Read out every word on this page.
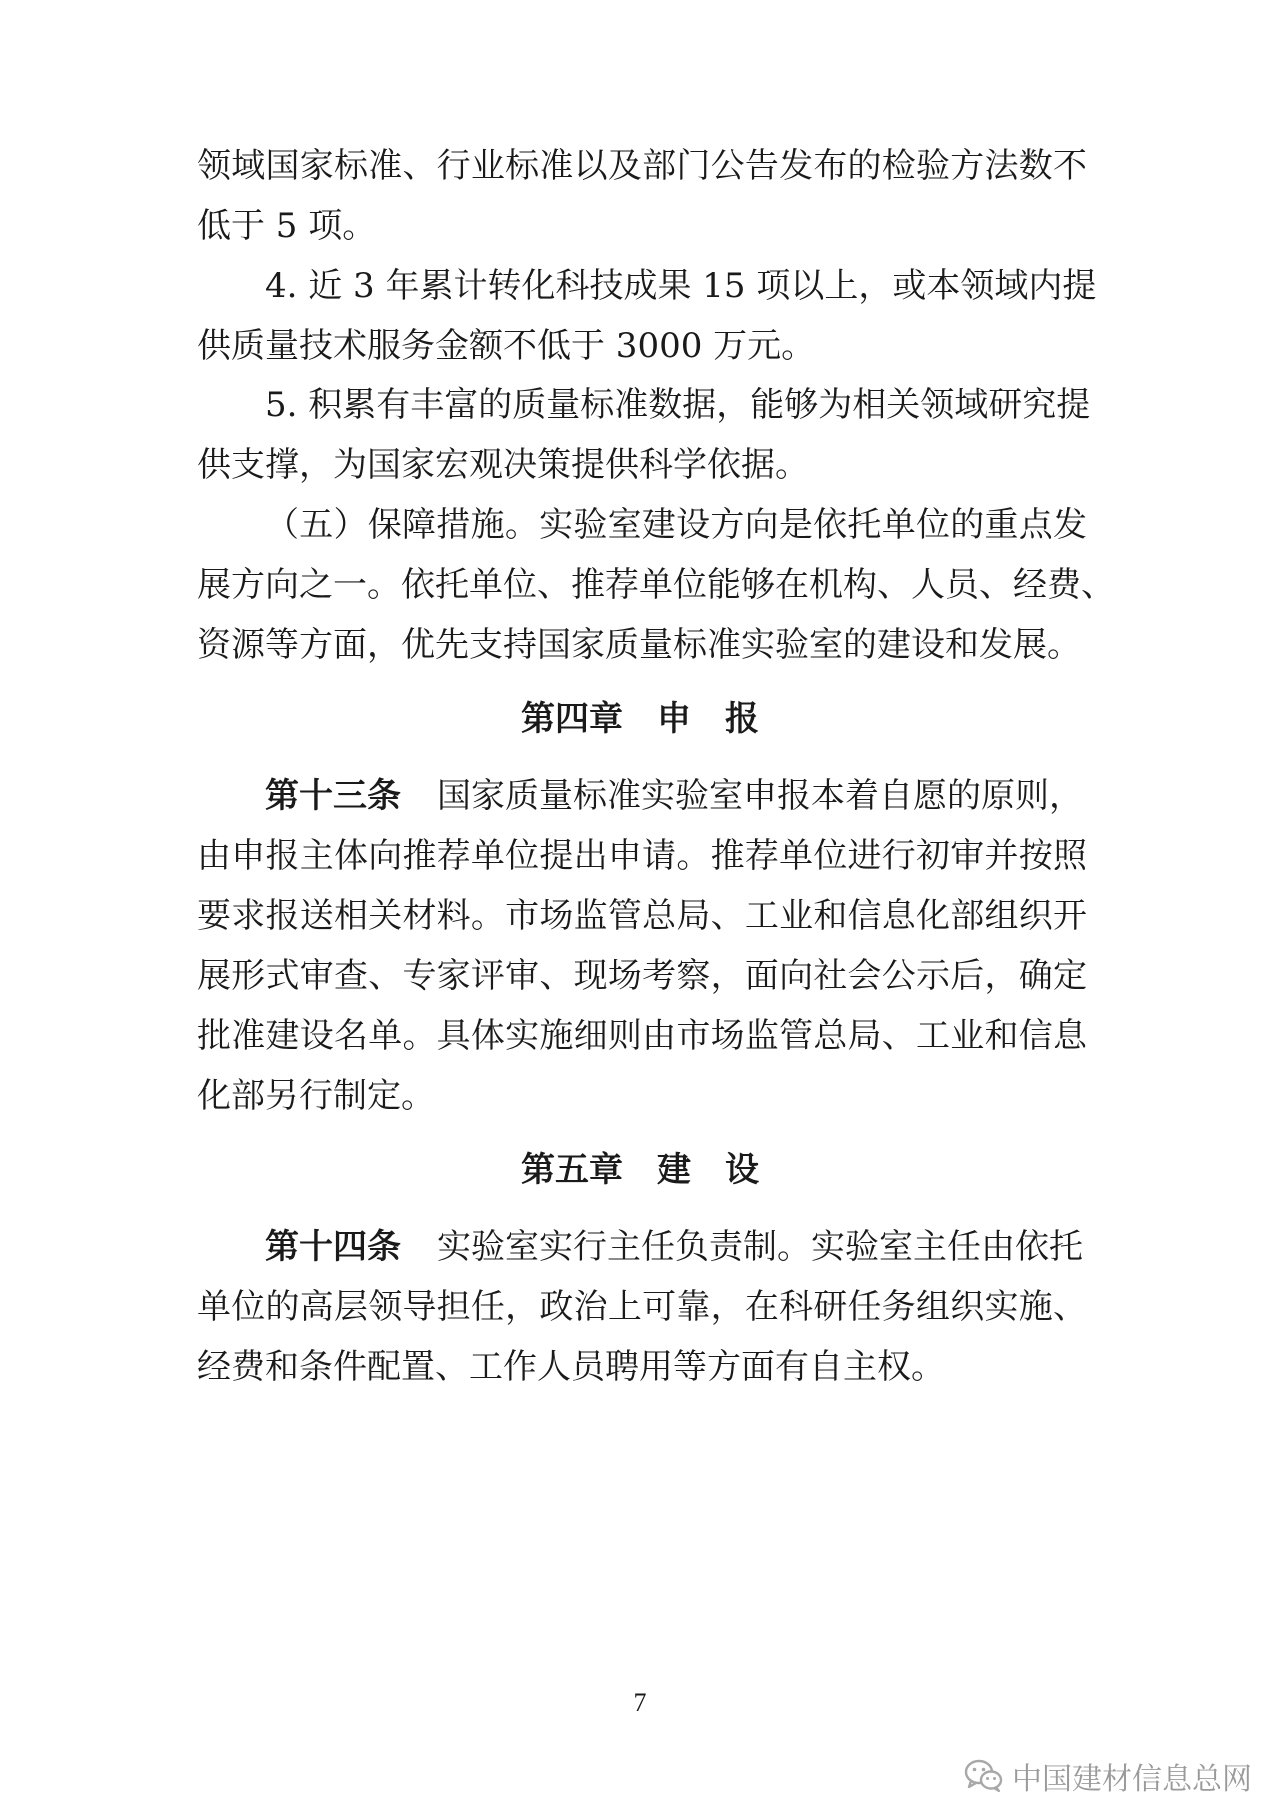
领域国家标准、行业标准以及部门公告发布的检验方法数不
低于 5 项。
4. 近 3 年累计转化科技成果 15 项以上，或本领域内提
供质量技术服务金额不低于 3000 万元。
5. 积累有丰富的质量标准数据，能够为相关领域研究提
供支撑，为国家宏观决策提供科学依据。
（五）保障措施。实验室建设方向是依托单位的重点发
展方向之一。依托单位、推荐单位能够在机构、人员、经费、
资源等方面，优先支持国家质量标准实验室的建设和发展。
第四章　申　报
第十三条 国家质量标准实验室申报本着自愿的原则，
由申报主体向推荐单位提出申请。推荐单位进行初审并按照
要求报送相关材料。市场监管总局、工业和信息化部组织开
展形式审查、专家评审、现场考察，面向社会公示后，确定
批准建设名单。具体实施细则由市场监管总局、工业和信息
化部另行制定。
第五章　建　设
第十四条 实验室实行主任负责制。实验室主任由依托
单位的高层领导担任，政治上可靠，在科研任务组织实施、
经费和条件配置、工作人员聘用等方面有自主权。
7
中国建材信息总网
